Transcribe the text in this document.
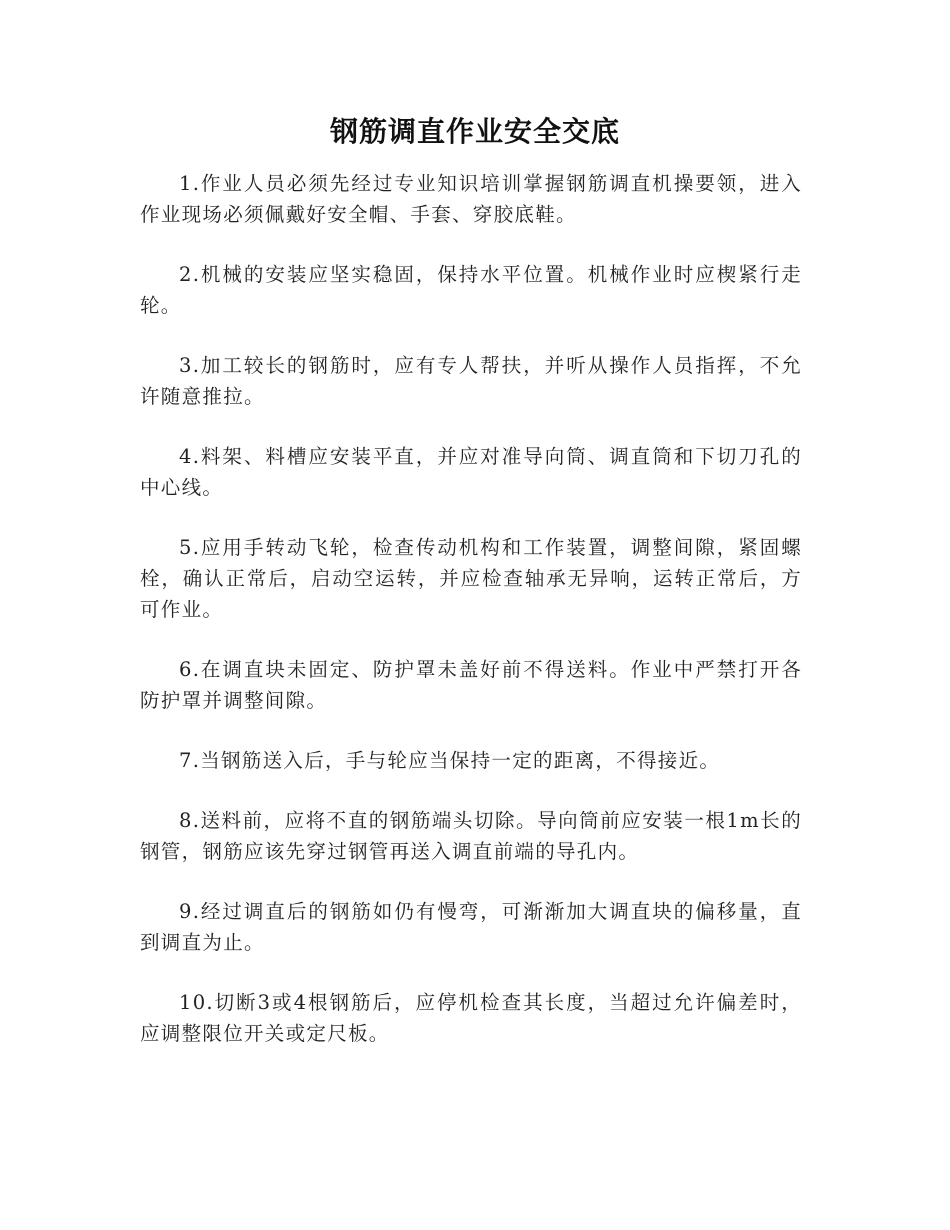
钢筋调直作业安全交底

1.作业人员必须先经过专业知识培训掌握钢筋调直机操要领，进入作业现场必须佩戴好安全帽、手套、穿胶底鞋。

2.机械的安装应坚实稳固，保持水平位置。机械作业时应楔紧行走轮。

3.加工较长的钢筋时，应有专人帮扶，并听从操作人员指挥，不允许随意推拉。

4.料架、料槽应安装平直，并应对准导向筒、调直筒和下切刀孔的中心线。

5.应用手转动飞轮，检查传动机构和工作装置，调整间隙，紧固螺栓，确认正常后，启动空运转，并应检查轴承无异响，运转正常后，方可作业。

6.在调直块未固定、防护罩未盖好前不得送料。作业中严禁打开各防护罩并调整间隙。

7.当钢筋送入后，手与轮应当保持一定的距离，不得接近。

8.送料前，应将不直的钢筋端头切除。导向筒前应安装一根1m长的钢管，钢筋应该先穿过钢管再送入调直前端的导孔内。

9.经过调直后的钢筋如仍有慢弯，可渐渐加大调直块的偏移量，直到调直为止。

10.切断3或4根钢筋后，应停机检查其长度，当超过允许偏差时，应调整限位开关或定尺板。
